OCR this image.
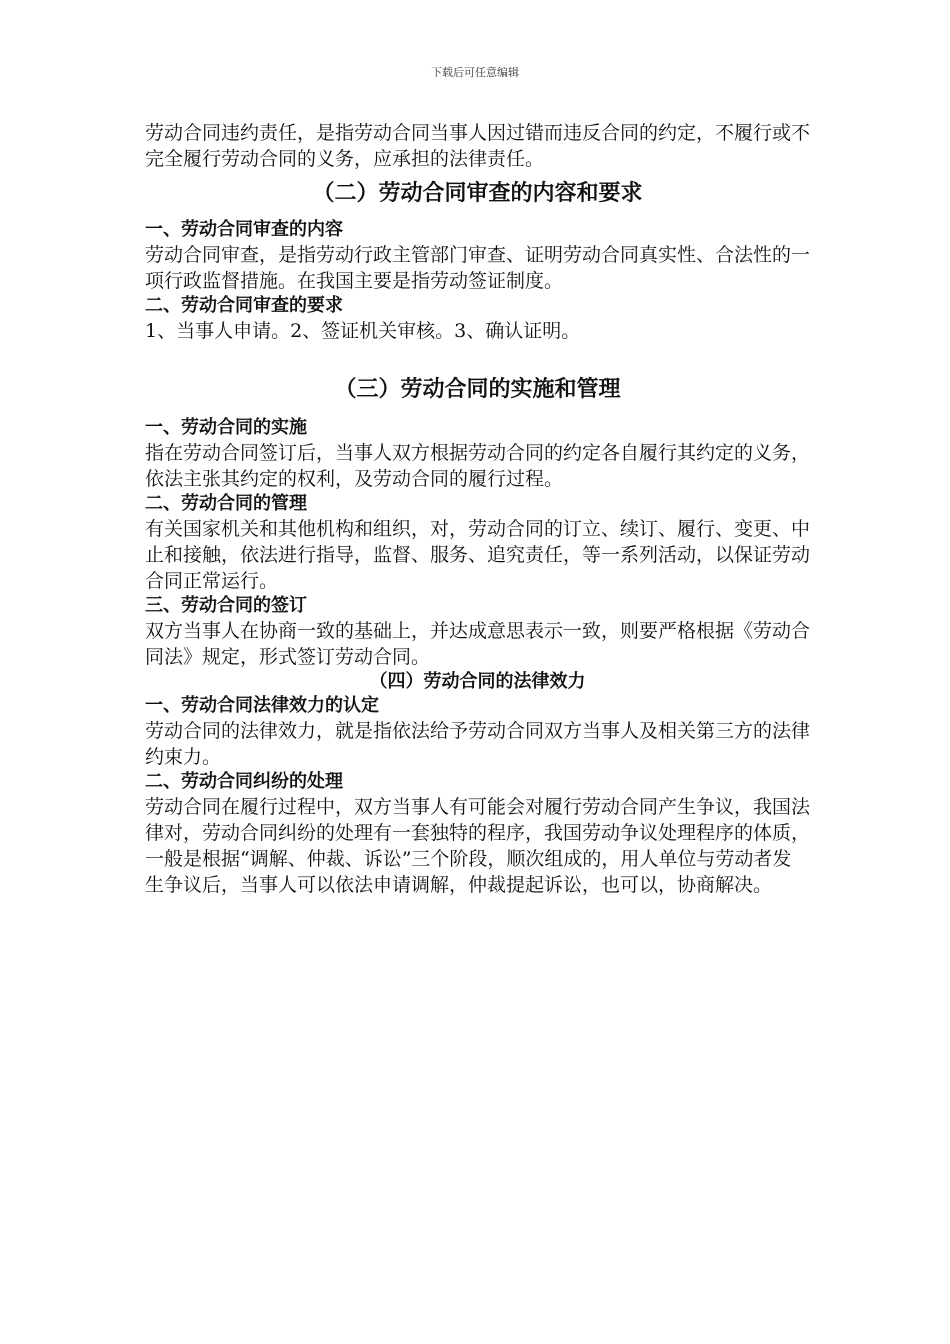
下载后可任意编辑

劳动合同违约责任，是指劳动合同当事人因过错而违反合同的约定，不履行或不完全履行劳动合同的义务，应承担的法律责任。

（二）劳动合同审查的内容和要求
一、劳动合同审查的内容

劳动合同审查，是指劳动行政主管部门审查、证明劳动合同真实性、合法性的一项行政监督措施。在我国主要是指劳动签证制度。

二、劳动合同审查的要求

1、当事人申请。2、签证机关审核。3、确认证明。

（三）劳动合同的实施和管理
一、劳动合同的实施

指在劳动合同签订后，当事人双方根据劳动合同的约定各自履行其约定的义务，依法主张其约定的权利，及劳动合同的履行过程。

二、劳动合同的管理

有关国家机关和其他机构和组织，对，劳动合同的订立、续订、履行、变更、中止和接触，依法进行指导，监督、服务、追究责任，等一系列活动，以保证劳动合同正常运行。

三、劳动合同的签订

双方当事人在协商一致的基础上，并达成意思表示一致，则要严格根据《劳动合同法》规定，形式签订劳动合同。

（四）劳动合同的法律效力
一、劳动合同法律效力的认定

劳动合同的法律效力，就是指依法给予劳动合同双方当事人及相关第三方的法律约束力。

二、劳动合同纠纷的处理

劳动合同在履行过程中，双方当事人有可能会对履行劳动合同产生争议，我国法律对，劳动合同纠纷的处理有一套独特的程序，我国劳动争议处理程序的体质，一般是根据“调解、仲裁、诉讼”三个阶段，顺次组成的，用人单位与劳动者发生争议后，当事人可以依法申请调解，仲裁提起诉讼，也可以，协商解决。
